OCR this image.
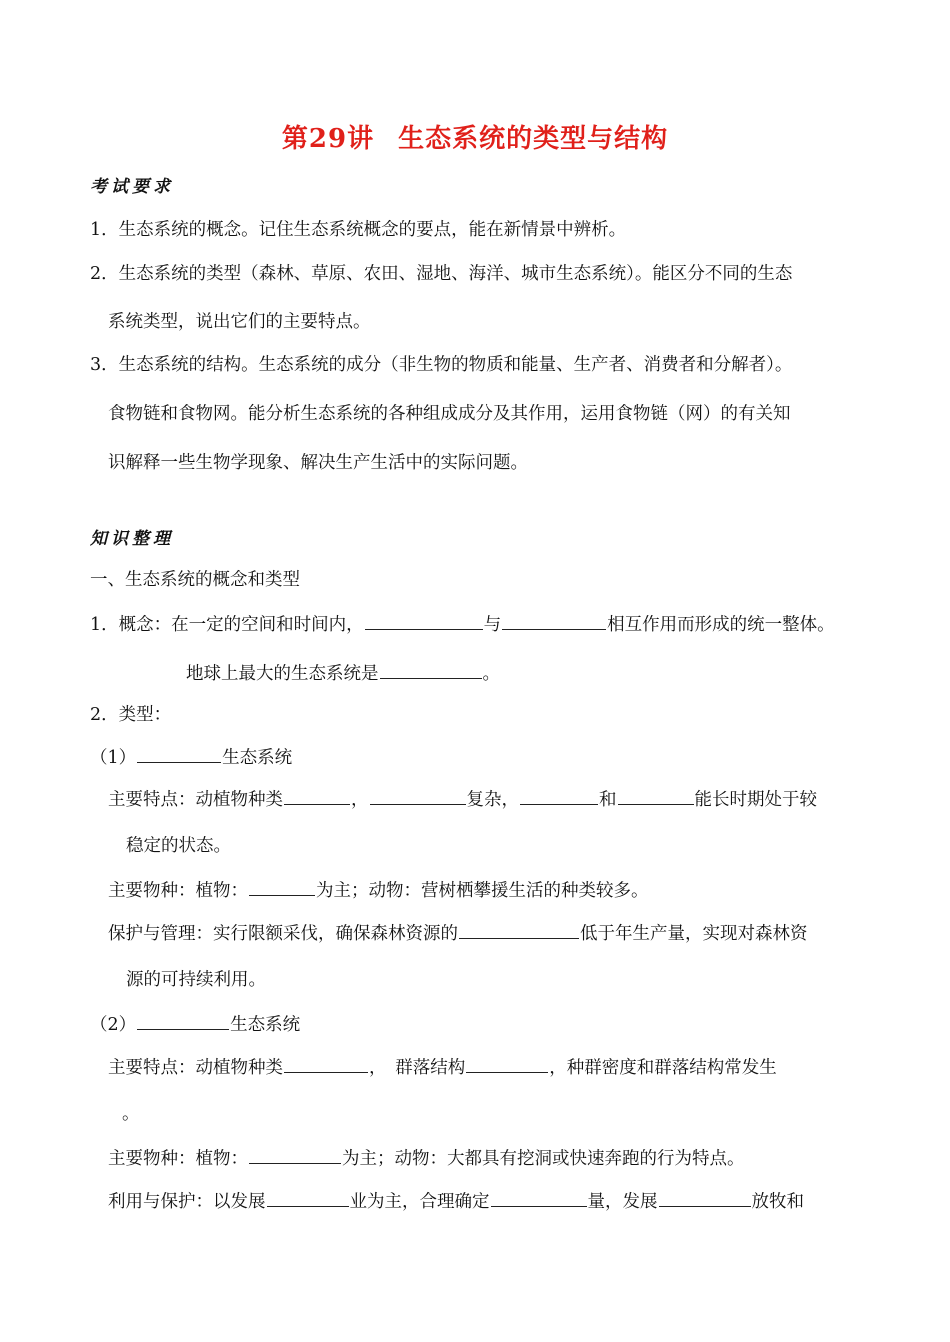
第29讲 生态系统的类型与结构
考试要求
1．生态系统的概念。记住生态系统概念的要点，能在新情景中辨析。
2．生态系统的类型（森林、草原、农田、湿地、海洋、城市生态系统）。能区分不同的生态
系统类型，说出它们的主要特点。
3．生态系统的结构。生态系统的成分（非生物的物质和能量、生产者、消费者和分解者）。
食物链和食物网。能分析生态系统的各种组成成分及其作用，运用食物链（网）的有关知
识解释一些生物学现象、解决生产生活中的实际问题。
知识整理
一、生态系统的概念和类型
1．概念：在一定的空间和时间内，	与	相互作用而形成的统一整体。
地球上最大的生态系统是	。
2．类型：
（1）	生态系统
主要特点：动植物种类	，	复杂，	和	能长时期处于较
稳定的状态。
主要物种：植物：	为主；动物：营树栖攀援生活的种类较多。
保护与管理：实行限额采伐，确保森林资源的	低于年生产量，实现对森林资
源的可持续利用。
（2）	生态系统
主要特点：动植物种类	，　群落结构	，种群密度和群落结构常发生
。
主要物种：植物：	为主；动物：大都具有挖洞或快速奔跑的行为特点。
利用与保护：以发展	业为主，合理确定	量，发展	放牧和
